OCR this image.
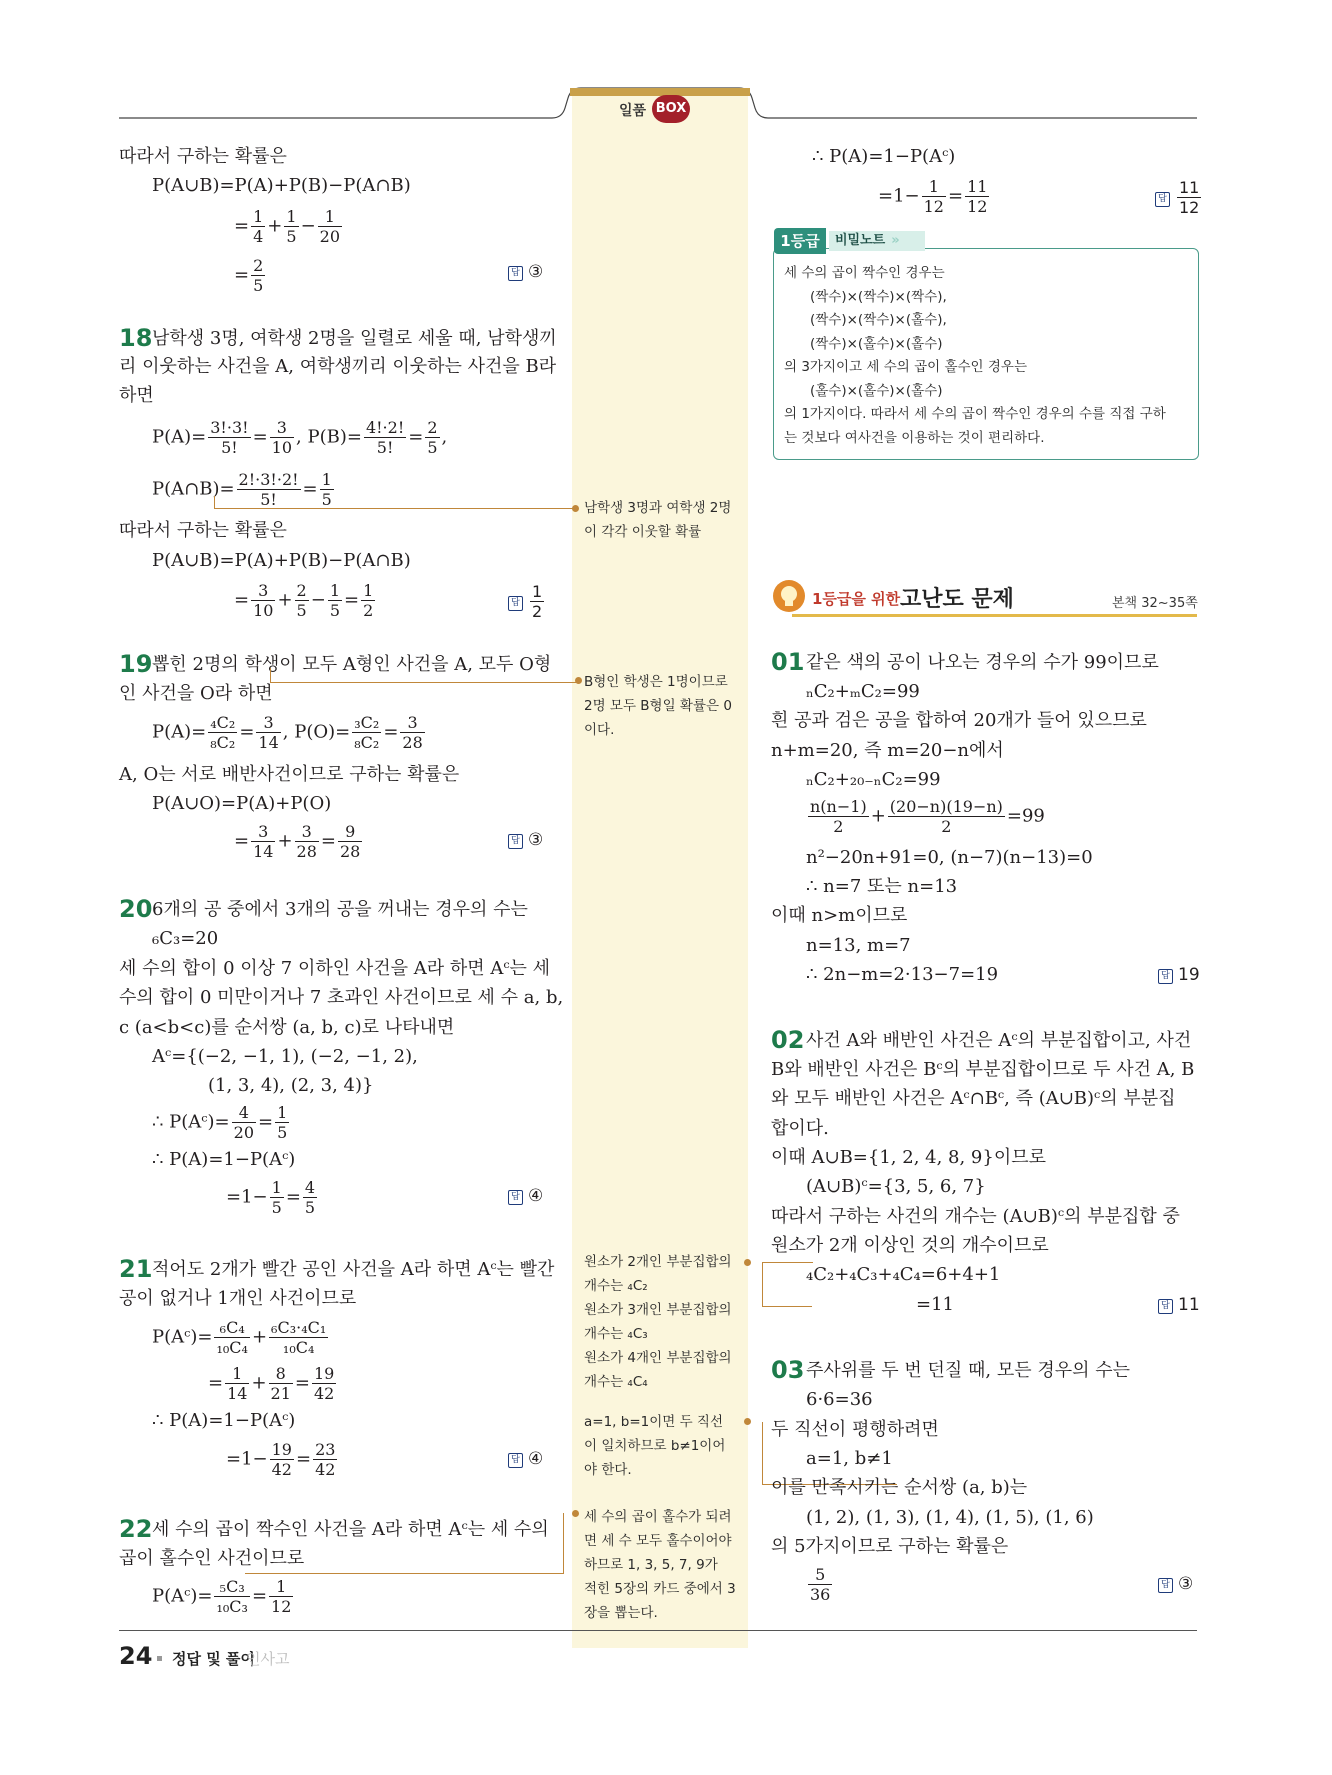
일품 BOX
24 정답 및 풀이
인사고
따라서 구하는 확률은
P(A∪B)=P(A)+P(B)−P(A∩B)
= $\frac{1}{4} + \frac{1}{5} - \frac{1}{20}$
= $\frac{2}{5}$	답 ③
18 남학생 3명, 여학생 2명을 일렬로 세울 때, 남학생끼
리 이웃하는 사건을 A, 여학생끼리 이웃하는 사건을 B라
하면
$P(A)= \frac{3!\cdot 3!}{5!} = \frac{3}{10}$ , $P(B)= \frac{4!\cdot 2!}{5!} = \frac{2}{5}$ ,
P(A∩B)= $\frac{2!\cdot 3!\cdot 2!}{5!} = \frac{1}{5}$
따라서 구하는 확률은
P(A∪B)=P(A)+P(B)−P(A∩B)
= $\frac{3}{10} + \frac{2}{5} - \frac{1}{5} = \frac{1}{2}$	답 $\frac{1}{2}$
19 뽑힌 2명의 학생이 모두 A형인 사건을 A, 모두 O형
인 사건을 O라 하면
$P(A)= \frac{\text{₄C₂}}{\text{₈C₂}} = \frac{3}{14}$ , $P(O)= \frac{\text{₃C₂}}{\text{₈C₂}} = \frac{3}{28}$
A, O는 서로 배반사건이므로 구하는 확률은
P(A∪O)=P(A)+P(O)
= $\frac{3}{14} + \frac{3}{28} = \frac{9}{28}$	답 ③
20 6개의 공 중에서 3개의 공을 꺼내는 경우의 수는
₆C₃=20
세 수의 합이 0 이상 7 이하인 사건을 A라 하면 Aᶜ는 세
수의 합이 0 미만이거나 7 초과인 사건이므로 세 수 a, b,
c (a<b<c)를 순서쌍 (a, b, c)로 나타내면
Aᶜ={(−2, −1, 1), (−2, −1, 2),
(1, 3, 4), (2, 3, 4)}
∴ P(Aᶜ)= $\frac{4}{20} = \frac{1}{5}$
∴ P(A)=1−P(Aᶜ)
$=1- \frac{1}{5} = \frac{4}{5}$	답 ④
21 적어도 2개가 빨간 공인 사건을 A라 하면 Aᶜ는 빨간
공이 없거나 1개인 사건이므로
P(Aᶜ)= $\frac{\text{₆C₄}}{\text{₁₀C₄}} + \frac{\text{₆C₃·₄C₁}}{\text{₁₀C₄}}$
= $\frac{1}{14} + \frac{8}{21} = \frac{19}{42}$
∴ P(A)=1−P(Aᶜ)
$=1- \frac{19}{42} = \frac{23}{42}$	답 ④
22 세 수의 곱이 짝수인 사건을 A라 하면 Aᶜ는 세 수의
곱이 홀수인 사건이므로
P(Aᶜ)= $\frac{\text{₅C₃}}{\text{₁₀C₃}} = \frac{1}{12}$
남학생 3명과 여학생 2명
이 각각 이웃할 확률
B형인 학생은 1명이므로
2명 모두 B형일 확률은 0
이다.
원소가 2개인 부분집합의
개수는 ₄C₂
원소가 3개인 부분집합의
개수는 ₄C₃
원소가 4개인 부분집합의
개수는 ₄C₄
a=1, b=1이면 두 직선
이 일치하므로 b≠1이어
야 한다.
세 수의 곱이 홀수가 되려
면 세 수 모두 홀수이어야
하므로 1, 3, 5, 7, 9가
적힌 5장의 카드 중에서 3
장을 뽑는다.
∴ P(A)=1−P(Aᶜ)
$=1- \frac{1}{12} = \frac{11}{12}$	답 $\frac{11}{12}$
1등급	비밀노트 »
세 수의 곱이 짝수인 경우는
(짝수)×(짝수)×(짝수),
(짝수)×(짝수)×(홀수),
(짝수)×(홀수)×(홀수)
의 3가지이고 세 수의 곱이 홀수인 경우는
(홀수)×(홀수)×(홀수)
의 1가지이다. 따라서 세 수의 곱이 짝수인 경우의 수를 직접 구하
는 것보다 여사건을 이용하는 것이 편리하다.
1등급을 위한 고난도 문제	본책 32~35쪽
01 같은 색의 공이 나오는 경우의 수가 99이므로
ₙC₂+ₘC₂=99
흰 공과 검은 공을 합하여 20개가 들어 있으므로
n+m=20, 즉 m=20−n에서
ₙC₂+₂₀₋ₙC₂=99
$\frac{n(n-1)}{2} + \frac{(20-n)(19-n)}{2} =99$
n²−20n+91=0, (n−7)(n−13)=0
∴ n=7 또는 n=13
이때 n>m이므로
n=13, m=7
∴ 2n−m=2·13−7=19	답 19
02 사건 A와 배반인 사건은 Aᶜ의 부분집합이고, 사건
B와 배반인 사건은 Bᶜ의 부분집합이므로 두 사건 A, B
와 모두 배반인 사건은 Aᶜ∩Bᶜ, 즉 (A∪B)ᶜ의 부분집
합이다.
이때 A∪B={1, 2, 4, 8, 9}이므로
(A∪B)ᶜ={3, 5, 6, 7}
따라서 구하는 사건의 개수는 (A∪B)ᶜ의 부분집합 중
원소가 2개 이상인 것의 개수이므로
₄C₂+₄C₃+₄C₄=6+4+1
=11	답 11
03 주사위를 두 번 던질 때, 모든 경우의 수는
6·6=36
두 직선이 평행하려면
a=1, b≠1
이를 만족시키는 순서쌍 (a, b)는
(1, 2), (1, 3), (1, 4), (1, 5), (1, 6)
의 5가지이므로 구하는 확률은
$\frac{5}{36}$	답 ③
